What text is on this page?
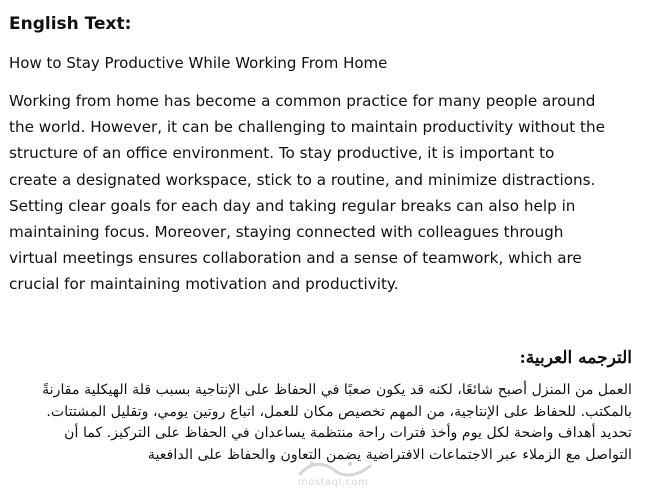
English Text:

How to Stay Productive While Working From Home

Working from home has become a common practice for many people around
the world. However, it can be challenging to maintain productivity without the
structure of an office environment. To stay productive, it is important to
create a designated workspace, stick to a routine, and minimize distractions.
Setting clear goals for each day and taking regular breaks can also help in
maintaining focus. Moreover, staying connected with colleagues through
virtual meetings ensures collaboration and a sense of teamwork, which are
crucial for maintaining motivation and productivity.

الترجمه العربية:

العمل من المنزل أصبح شائعًا، لكنه قد يكون صعبًا في الحفاظ على الإنتاجية بسبب قلة الهيكلية مقارنةً
بالمكتب. للحفاظ على الإنتاجية، من المهم تخصيص مكان للعمل، اتباع روتين يومي، وتقليل المشتتات.
تحديد أهداف واضحة لكل يوم وأخذ فترات راحة منتظمة يساعدان في الحفاظ على التركيز. كما أن
التواصل مع الزملاء عبر الاجتماعات الافتراضية يضمن التعاون والحفاظ على الدافعية

mostaql.com
